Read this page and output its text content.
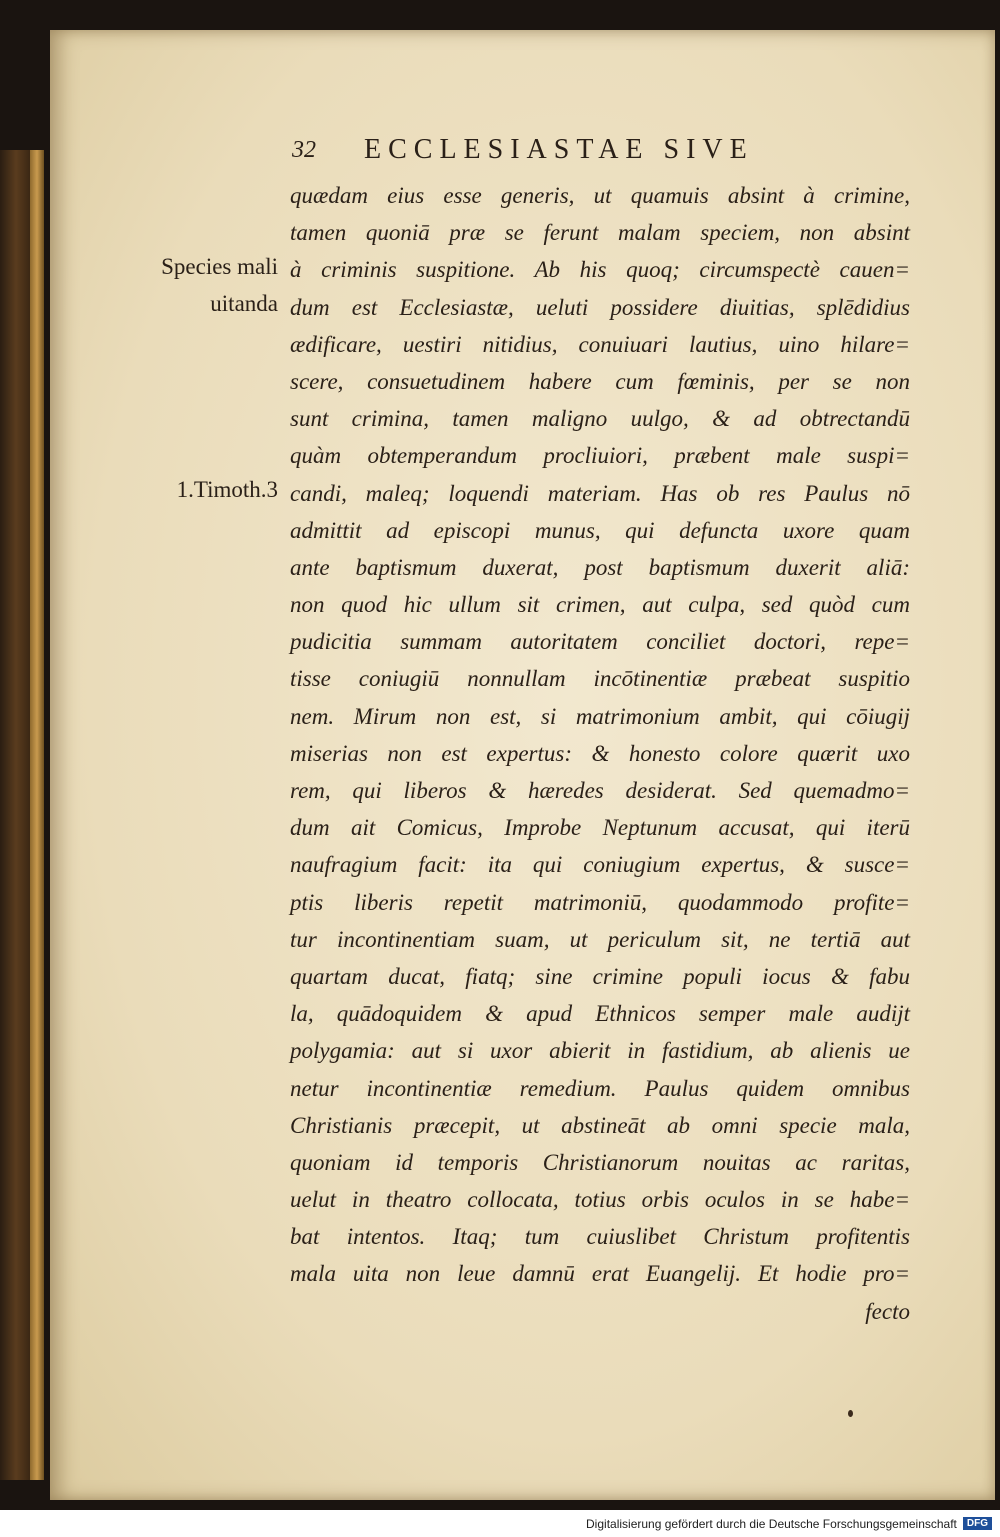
32 ECCLESIASTAE SIVE
Species mali
uitanda
1.Timoth.3
quædam eius esse generis, ut quamuis absint à crimine,
tamen quoniā præ se ferunt malam speciem, non absint
à criminis suspitione. Ab his quoq; circumspectè cauen=
dum est Ecclesiastæ, ueluti possidere diuitias, splēdidius
ædificare, uestiri nitidius, conuiuari lautius, uino hilare=
scere, consuetudinem habere cum fœminis, per se non
sunt crimina, tamen maligno uulgo, & ad obtrectandū
quàm obtemperandum procliuiori, præbent male suspi=
candi, maleq; loquendi materiam. Has ob res Paulus nō
admittit ad episcopi munus, qui defuncta uxore quam
ante baptismum duxerat, post baptismum duxerit aliā:
non quod hic ullum sit crimen, aut culpa, sed quòd cum
pudicitia summam autoritatem conciliet doctori, repe=
tisse coniugiū nonnullam incōtinentiæ præbeat suspitio
nem. Mirum non est, si matrimonium ambit, qui cōiugij
miserias non est expertus: & honesto colore quærit uxo
rem, qui liberos & hæredes desiderat. Sed quemadmo=
dum ait Comicus, Improbe Neptunum accusat, qui iterū
naufragium facit: ita qui coniugium expertus, & susce=
ptis liberis repetit matrimoniū, quodammodo profite=
tur incontinentiam suam, ut periculum sit, ne tertiā aut
quartam ducat, fiatq; sine crimine populi iocus & fabu
la, quādoquidem & apud Ethnicos semper male audijt
polygamia: aut si uxor abierit in fastidium, ab alienis ue
netur incontinentiæ remedium. Paulus quidem omnibus
Christianis præcepit, ut abstineāt ab omni specie mala,
quoniam id temporis Christianorum nouitas ac raritas,
uelut in theatro collocata, totius orbis oculos in se habe=
bat intentos. Itaq; tum cuiuslibet Christum profitentis
mala uita non leue damnū erat Euangelij. Et hodie pro=
fecto
Digitalisierung gefördert durch die Deutsche Forschungsgemeinschaft	DFG
